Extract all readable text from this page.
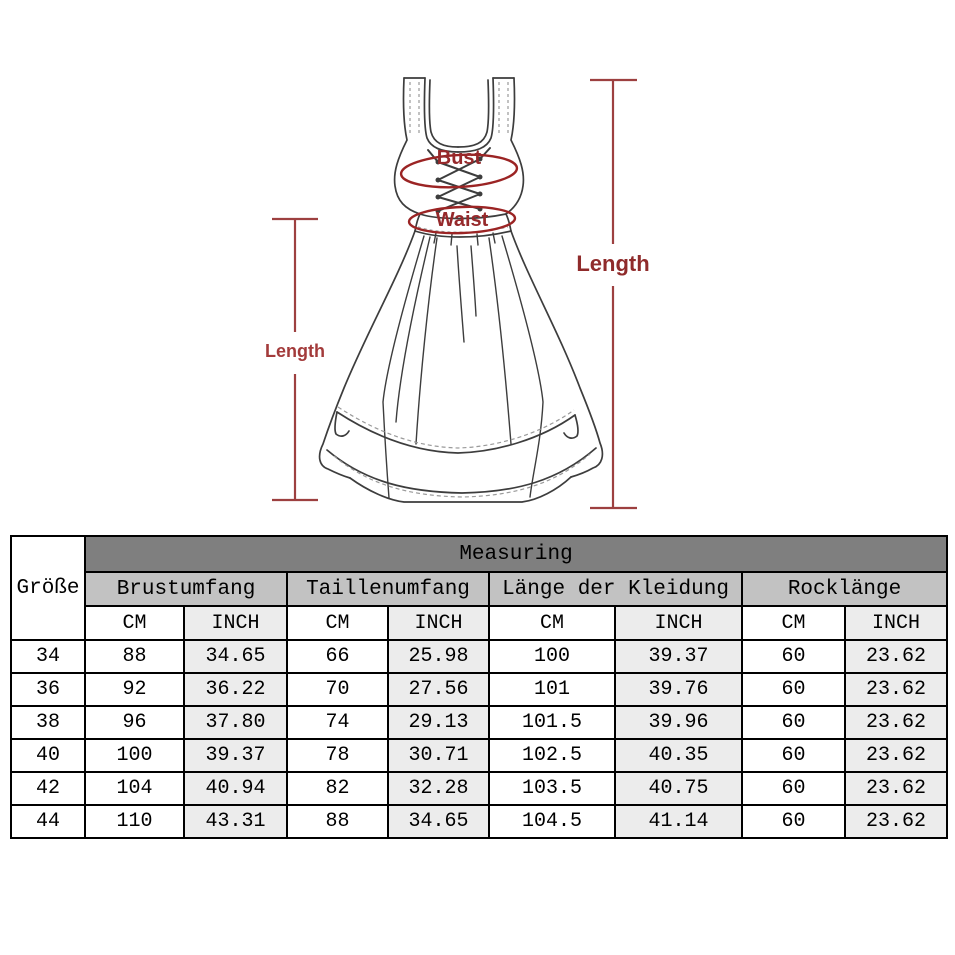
Bust
Waist
Length
Length
Größe	Measuring							
	Brustumfang		Taillenumfang		Länge der Kleidung		Rocklänge	
	CM	INCH	CM	INCH	CM	INCH	CM	INCH
34	88	34.65	66	25.98	100	39.37	60	23.62
36	92	36.22	70	27.56	101	39.76	60	23.62
38	96	37.80	74	29.13	101.5	39.96	60	23.62
40	100	39.37	78	30.71	102.5	40.35	60	23.62
42	104	40.94	82	32.28	103.5	40.75	60	23.62
44	110	43.31	88	34.65	104.5	41.14	60	23.62
